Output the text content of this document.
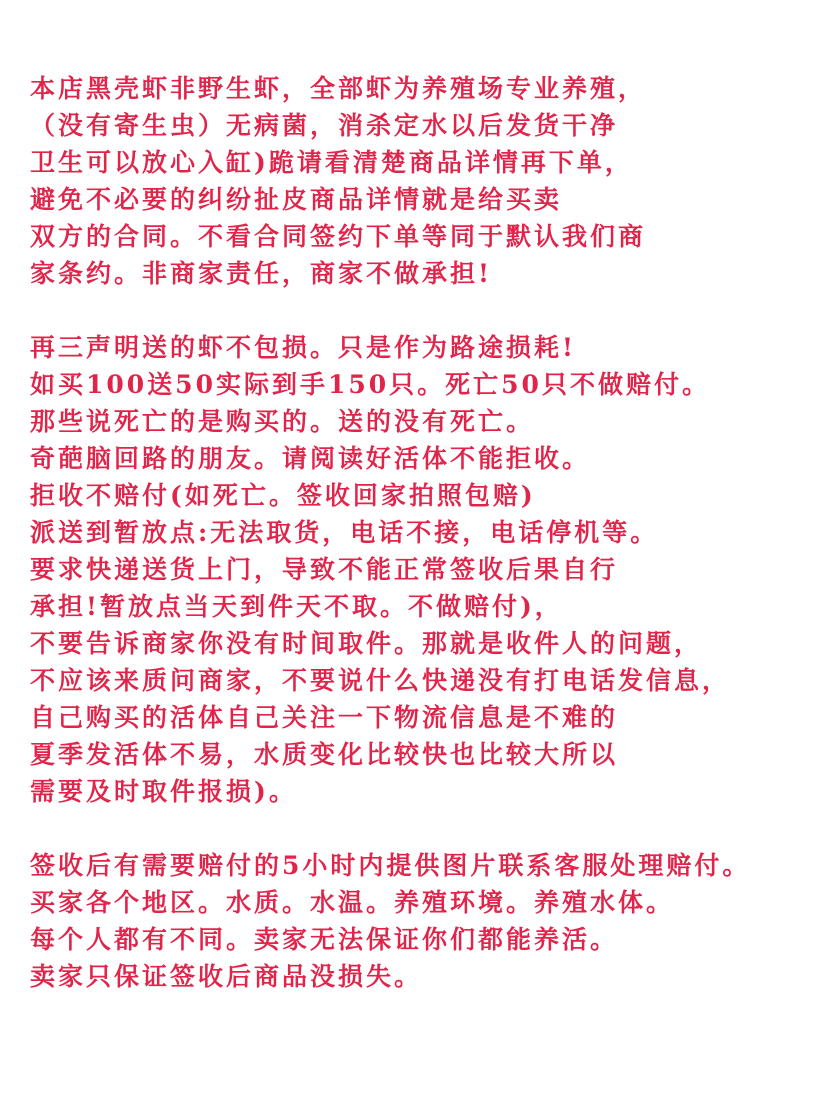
本店黑壳虾非野生虾，全部虾为养殖场专业养殖，
（没有寄生虫）无病菌，消杀定水以后发货干净
卫生可以放心入缸)跪请看清楚商品详情再下单，
避免不必要的纠纷扯皮商品详情就是给买卖
双方的合同。不看合同签约下单等同于默认我们商
家条约。非商家责任，商家不做承担!
再三声明送的虾不包损。只是作为路途损耗!
如买100送50实际到手150只。死亡50只不做赔付。
那些说死亡的是购买的。送的没有死亡。
奇葩脑回路的朋友。请阅读好活体不能拒收。
拒收不赔付(如死亡。签收回家拍照包赔)
派送到暂放点:无法取货，电话不接，电话停机等。
要求快递送货上门，导致不能正常签收后果自行
承担!暂放点当天到件天不取。不做赔付)，
不要告诉商家你没有时间取件。那就是收件人的问题，
不应该来质问商家，不要说什么快递没有打电话发信息，
自己购买的活体自己关注一下物流信息是不难的
夏季发活体不易，水质变化比较快也比较大所以
需要及时取件报损)。
签收后有需要赔付的5小时内提供图片联系客服处理赔付。
买家各个地区。水质。水温。养殖环境。养殖水体。
每个人都有不同。卖家无法保证你们都能养活。
卖家只保证签收后商品没损失。
